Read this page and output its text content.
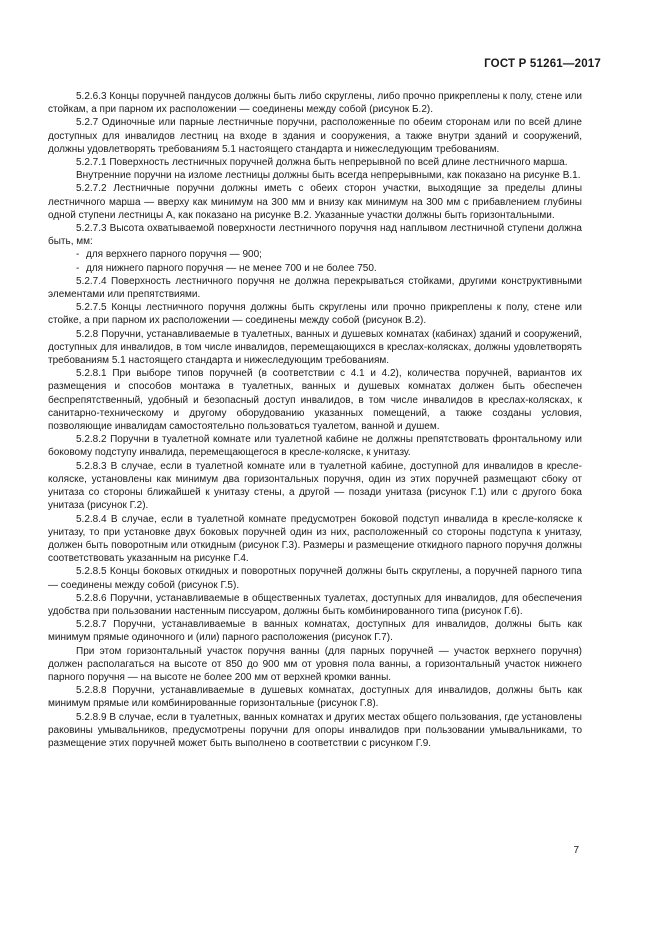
ГОСТ Р 51261—2017

5.2.6.3 Концы поручней пандусов должны быть либо скруглены, либо прочно прикреплены к полу, стене или стойкам, а при парном их расположении — соединены между собой (рисунок Б.2).

5.2.7 Одиночные или парные лестничные поручни, расположенные по обеим сторонам или по всей длине доступных для инвалидов лестниц на входе в здания и сооружения, а также внутри зданий и сооружений, должны удовлетворять требованиям 5.1 настоящего стандарта и нижеследующим требованиям.

5.2.7.1 Поверхность лестничных поручней должна быть непрерывной по всей длине лестничного марша.

Внутренние поручни на изломе лестницы должны быть всегда непрерывными, как показано на рисунке В.1.

5.2.7.2 Лестничные поручни должны иметь с обеих сторон участки, выходящие за пределы длины лестничного марша — вверху как минимум на 300 мм и внизу как минимум на 300 мм с прибавлением глубины одной ступени лестницы А, как показано на рисунке В.2. Указанные участки должны быть горизонтальными.

5.2.7.3 Высота охватываемой поверхности лестничного поручня над наплывом лестничной ступени должна быть, мм:

- для верхнего парного поручня — 900;

- для нижнего парного поручня — не менее 700 и не более 750.

5.2.7.4 Поверхность лестничного поручня не должна перекрываться стойками, другими конструктивными элементами или препятствиями.

5.2.7.5 Концы лестничного поручня должны быть скруглены или прочно прикреплены к полу, стене или стойке, а при парном их расположении — соединены между собой (рисунок В.2).

5.2.8 Поручни, устанавливаемые в туалетных, ванных и душевых комнатах (кабинах) зданий и сооружений, доступных для инвалидов, в том числе инвалидов, перемещающихся в креслах-колясках, должны удовлетворять требованиям 5.1 настоящего стандарта и нижеследующим требованиям.

5.2.8.1 При выборе типов поручней (в соответствии с 4.1 и 4.2), количества поручней, вариантов их размещения и способов монтажа в туалетных, ванных и душевых комнатах должен быть обеспечен беспрепятственный, удобный и безопасный доступ инвалидов, в том числе инвалидов в креслах-колясках, к санитарно-техническому и другому оборудованию указанных помещений, а также созданы условия, позволяющие инвалидам самостоятельно пользоваться туалетом, ванной и душем.

5.2.8.2 Поручни в туалетной комнате или туалетной кабине не должны препятствовать фронтальному или боковому подступу инвалида, перемещающегося в кресле-коляске, к унитазу.

5.2.8.3 В случае, если в туалетной комнате или в туалетной кабине, доступной для инвалидов в кресле-коляске, установлены как минимум два горизонтальных поручня, один из этих поручней размещают сбоку от унитаза со стороны ближайшей к унитазу стены, а другой — позади унитаза (рисунок Г.1) или с другого бока унитаза (рисунок Г.2).

5.2.8.4 В случае, если в туалетной комнате предусмотрен боковой подступ инвалида в кресле-коляске к унитазу, то при установке двух боковых поручней один из них, расположенный со стороны подступа к унитазу, должен быть поворотным или откидным (рисунок Г.3). Размеры и размещение откидного парного поручня должны соответствовать указанным на рисунке Г.4.

5.2.8.5 Концы боковых откидных и поворотных поручней должны быть скруглены, а поручней парного типа — соединены между собой (рисунок Г.5).

5.2.8.6 Поручни, устанавливаемые в общественных туалетах, доступных для инвалидов, для обеспечения удобства при пользовании настенным писсуаром, должны быть комбинированного типа (рисунок Г.6).

5.2.8.7 Поручни, устанавливаемые в ванных комнатах, доступных для инвалидов, должны быть как минимум прямые одиночного и (или) парного расположения (рисунок Г.7).

При этом горизонтальный участок поручня ванны (для парных поручней — участок верхнего поручня) должен располагаться на высоте от 850 до 900 мм от уровня пола ванны, а горизонтальный участок нижнего парного поручня — на высоте не более 200 мм от верхней кромки ванны.

5.2.8.8 Поручни, устанавливаемые в душевых комнатах, доступных для инвалидов, должны быть как минимум прямые или комбинированные горизонтальные (рисунок Г.8).

5.2.8.9 В случае, если в туалетных, ванных комнатах и других местах общего пользования, где установлены раковины умывальников, предусмотрены поручни для опоры инвалидов при пользовании умывальниками, то размещение этих поручней может быть выполнено в соответствии с рисунком Г.9.

7
